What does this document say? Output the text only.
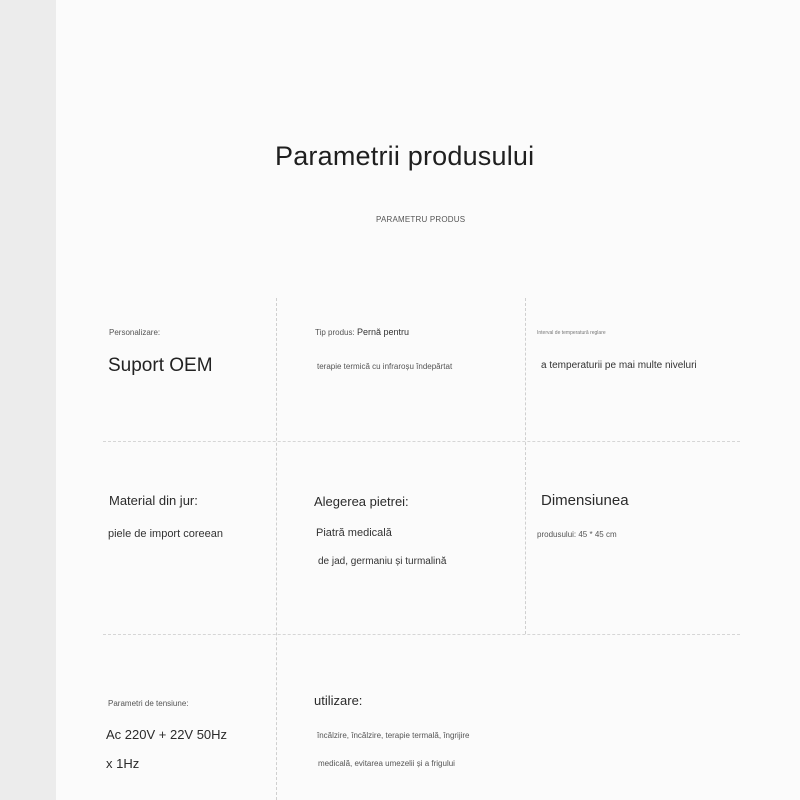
Parametrii produsului
PARAMETRU PRODUS
Personalizare:
Suport OEM
Tip produs: Pernă pentru
terapie termică cu infraroșu îndepărtat
Interval de temperatură reglare
a temperaturii pe mai multe niveluri
Material din jur:
piele de import coreean
Alegerea pietrei:
Piatră medicală
de jad, germaniu și turmalină
Dimensiunea
produsului: 45 * 45 cm
Parametri de tensiune:
Ac 220V + 22V 50Hz
x 1Hz
utilizare:
încălzire, încălzire, terapie termală, îngrijire
medicală, evitarea umezelii și a frigului
